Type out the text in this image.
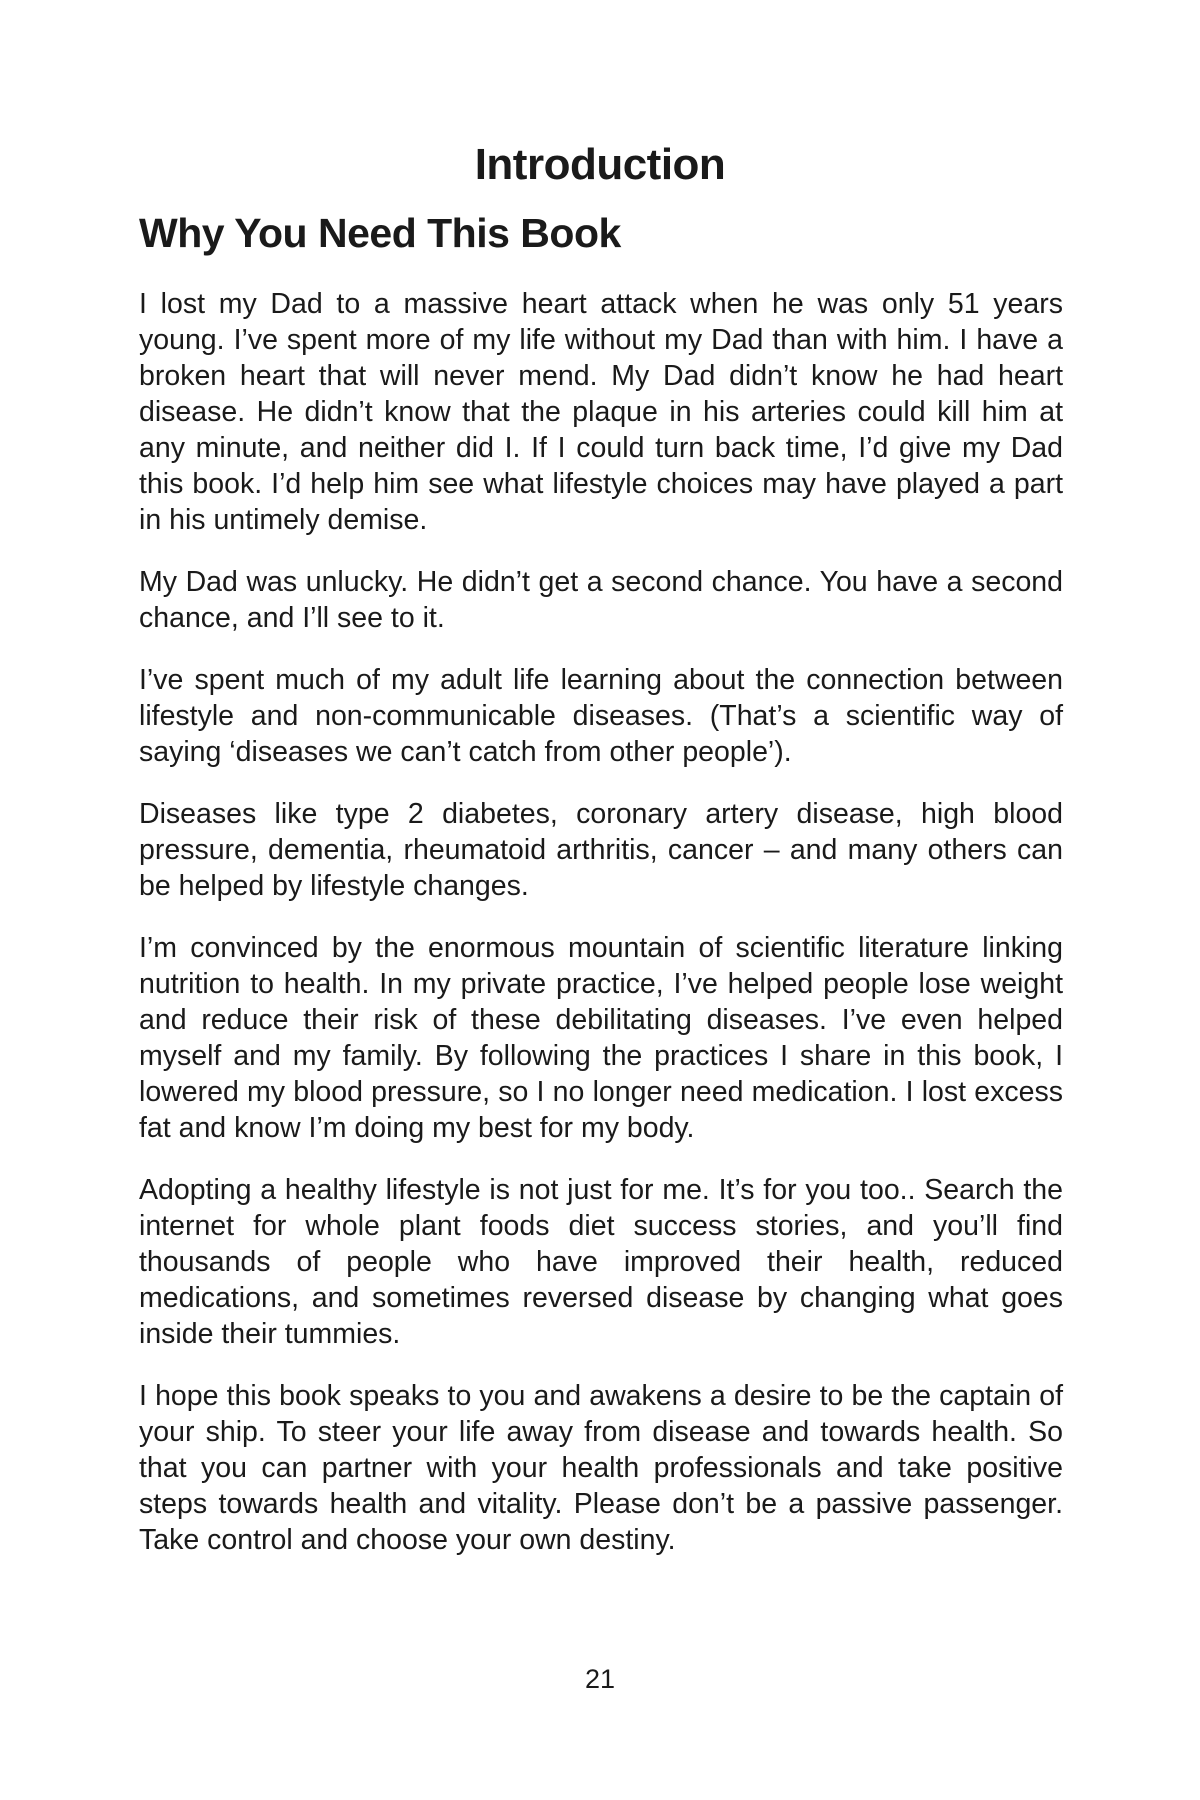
Introduction
Why You Need This Book

I lost my Dad to a massive heart attack when he was only 51 years young. I’ve spent more of my life without my Dad than with him. I have a broken heart that will never mend. My Dad didn’t know he had heart disease. He didn’t know that the plaque in his arteries could kill him at any minute, and neither did I. If I could turn back time, I’d give my Dad this book. I’d help him see what lifestyle choices may have played a part in his untimely demise.

My Dad was unlucky. He didn’t get a second chance. You have a second chance, and I’ll see to it.

I’ve spent much of my adult life learning about the connection between lifestyle and non-communicable diseases. (That’s a scientific way of saying ‘diseases we can’t catch from other people’).

Diseases like type 2 diabetes, coronary artery disease, high blood pressure, dementia, rheumatoid arthritis, cancer – and many others can be helped by lifestyle changes.

I’m convinced by the enormous mountain of scientific literature linking nutrition to health. In my private practice, I’ve helped people lose weight and reduce their risk of these debilitating diseases. I’ve even helped myself and my family. By following the practices I share in this book, I lowered my blood pressure, so I no longer need medication. I lost excess fat and know I’m doing my best for my body.

Adopting a healthy lifestyle is not just for me. It’s for you too.. Search the internet for whole plant foods diet success stories, and you’ll find thousands of people who have improved their health, reduced medications, and sometimes reversed disease by changing what goes inside their tummies.

I hope this book speaks to you and awakens a desire to be the captain of your ship. To steer your life away from disease and towards health. So that you can partner with your health professionals and take positive steps towards health and vitality. Please don’t be a passive passenger. Take control and choose your own destiny.

21
